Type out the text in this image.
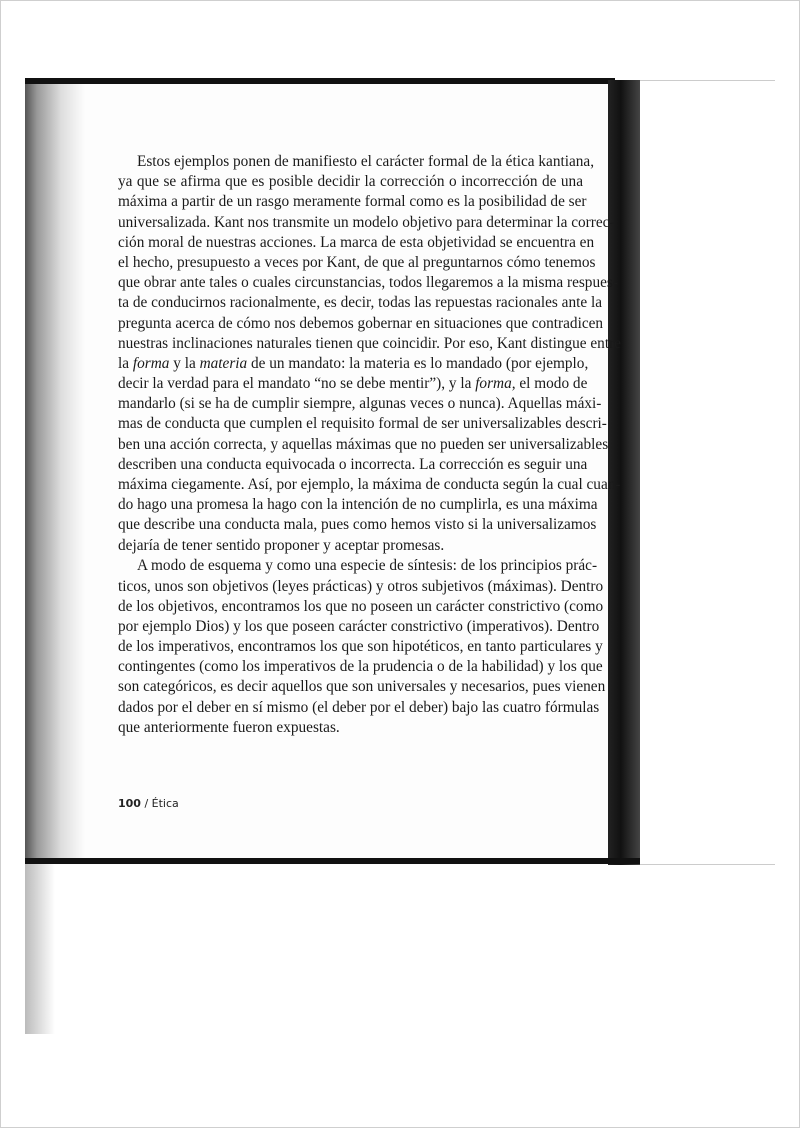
Estos ejemplos ponen de manifiesto el carácter formal de la ética kantiana,
ya que se afirma que es posible decidir la corrección o incorrección de una
máxima a partir de un rasgo meramente formal como es la posibilidad de ser
universalizada. Kant nos transmite un modelo objetivo para determinar la correc-
ción moral de nuestras acciones. La marca de esta objetividad se encuentra en
el hecho, presupuesto a veces por Kant, de que al preguntarnos cómo tenemos
que obrar ante tales o cuales circunstancias, todos llegaremos a la misma respues-
ta de conducirnos racionalmente, es decir, todas las repuestas racionales ante la
pregunta acerca de cómo nos debemos gobernar en situaciones que contradicen
nuestras inclinaciones naturales tienen que coincidir. Por eso, Kant distingue entre
la forma y la materia de un mandato: la materia es lo mandado (por ejemplo,
decir la verdad para el mandato “no se debe mentir”), y la forma, el modo de
mandarlo (si se ha de cumplir siempre, algunas veces o nunca). Aquellas máxi-
mas de conducta que cumplen el requisito formal de ser universalizables descri-
ben una acción correcta, y aquellas máximas que no pueden ser universalizables
describen una conducta equivocada o incorrecta. La corrección es seguir una
máxima ciegamente. Así, por ejemplo, la máxima de conducta según la cual cuan-
do hago una promesa la hago con la intención de no cumplirla, es una máxima
que describe una conducta mala, pues como hemos visto si la universalizamos
dejaría de tener sentido proponer y aceptar promesas.
A modo de esquema y como una especie de síntesis: de los principios prác-
ticos, unos son objetivos (leyes prácticas) y otros subjetivos (máximas). Dentro
de los objetivos, encontramos los que no poseen un carácter constrictivo (como
por ejemplo Dios) y los que poseen carácter constrictivo (imperativos). Dentro
de los imperativos, encontramos los que son hipotéticos, en tanto particulares y
contingentes (como los imperativos de la prudencia o de la habilidad) y los que
son categóricos, es decir aquellos que son universales y necesarios, pues vienen
dados por el deber en sí mismo (el deber por el deber) bajo las cuatro fórmulas
que anteriormente fueron expuestas.
100 / Ética
